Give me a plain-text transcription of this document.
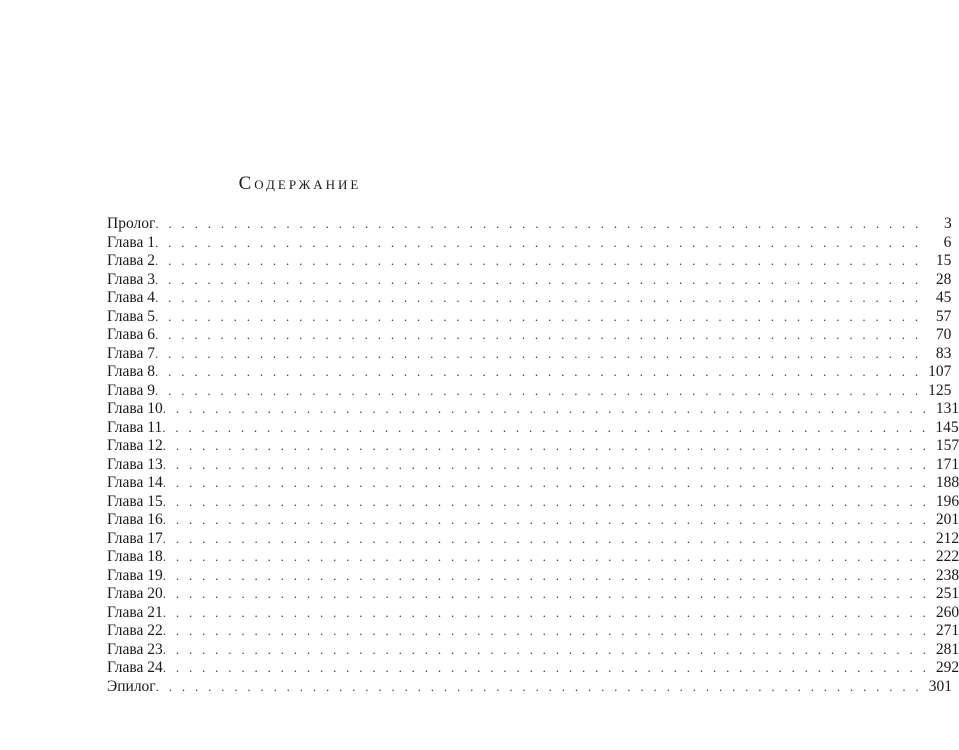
Содержание
Пролог . . . . . . . . . . . . . . . . . . . . . . . . . . . . . . . . . . . . . . . . . . . . . . . . . . . . . . . . . . .	3
Глава 1 . . . . . . . . . . . . . . . . . . . . . . . . . . . . . . . . . . . . . . . . . . . . . . . . . . . . . . . . . . .	6
Глава 2 . . . . . . . . . . . . . . . . . . . . . . . . . . . . . . . . . . . . . . . . . . . . . . . . . . . . . . . . . . . 15
Глава 3 . . . . . . . . . . . . . . . . . . . . . . . . . . . . . . . . . . . . . . . . . . . . . . . . . . . . . . . . . . . 28
Глава 4 . . . . . . . . . . . . . . . . . . . . . . . . . . . . . . . . . . . . . . . . . . . . . . . . . . . . . . . . . . . 45
Глава 5 . . . . . . . . . . . . . . . . . . . . . . . . . . . . . . . . . . . . . . . . . . . . . . . . . . . . . . . . . . . 57
Глава 6 . . . . . . . . . . . . . . . . . . . . . . . . . . . . . . . . . . . . . . . . . . . . . . . . . . . . . . . . . . . 70
Глава 7 . . . . . . . . . . . . . . . . . . . . . . . . . . . . . . . . . . . . . . . . . . . . . . . . . . . . . . . . . . . 83
Глава 8 . . . . . . . . . . . . . . . . . . . . . . . . . . . . . . . . . . . . . . . . . . . . . . . . . . . . . . . . . . . 107
Глава 9 . . . . . . . . . . . . . . . . . . . . . . . . . . . . . . . . . . . . . . . . . . . . . . . . . . . . . . . . . . . 125
Глава 10 . . . . . . . . . . . . . . . . . . . . . . . . . . . . . . . . . . . . . . . . . . . . . . . . . . . . . . . . . . . 131
Глава 11 . . . . . . . . . . . . . . . . . . . . . . . . . . . . . . . . . . . . . . . . . . . . . . . . . . . . . . . . . . . 145
Глава 12 . . . . . . . . . . . . . . . . . . . . . . . . . . . . . . . . . . . . . . . . . . . . . . . . . . . . . . . . . . . 157
Глава 13 . . . . . . . . . . . . . . . . . . . . . . . . . . . . . . . . . . . . . . . . . . . . . . . . . . . . . . . . . . . 171
Глава 14 . . . . . . . . . . . . . . . . . . . . . . . . . . . . . . . . . . . . . . . . . . . . . . . . . . . . . . . . . . . 188
Глава 15 . . . . . . . . . . . . . . . . . . . . . . . . . . . . . . . . . . . . . . . . . . . . . . . . . . . . . . . . . . . 196
Глава 16 . . . . . . . . . . . . . . . . . . . . . . . . . . . . . . . . . . . . . . . . . . . . . . . . . . . . . . . . . . . 201
Глава 17 . . . . . . . . . . . . . . . . . . . . . . . . . . . . . . . . . . . . . . . . . . . . . . . . . . . . . . . . . . . 212
Глава 18 . . . . . . . . . . . . . . . . . . . . . . . . . . . . . . . . . . . . . . . . . . . . . . . . . . . . . . . . . . . 222
Глава 19 . . . . . . . . . . . . . . . . . . . . . . . . . . . . . . . . . . . . . . . . . . . . . . . . . . . . . . . . . . . 238
Глава 20 . . . . . . . . . . . . . . . . . . . . . . . . . . . . . . . . . . . . . . . . . . . . . . . . . . . . . . . . . . . 251
Глава 21 . . . . . . . . . . . . . . . . . . . . . . . . . . . . . . . . . . . . . . . . . . . . . . . . . . . . . . . . . . . 260
Глава 22 . . . . . . . . . . . . . . . . . . . . . . . . . . . . . . . . . . . . . . . . . . . . . . . . . . . . . . . . . . . 271
Глава 23 . . . . . . . . . . . . . . . . . . . . . . . . . . . . . . . . . . . . . . . . . . . . . . . . . . . . . . . . . . . 281
Глава 24 . . . . . . . . . . . . . . . . . . . . . . . . . . . . . . . . . . . . . . . . . . . . . . . . . . . . . . . . . . . 292
Эпилог . . . . . . . . . . . . . . . . . . . . . . . . . . . . . . . . . . . . . . . . . . . . . . . . . . . . . . . . . . . 301
